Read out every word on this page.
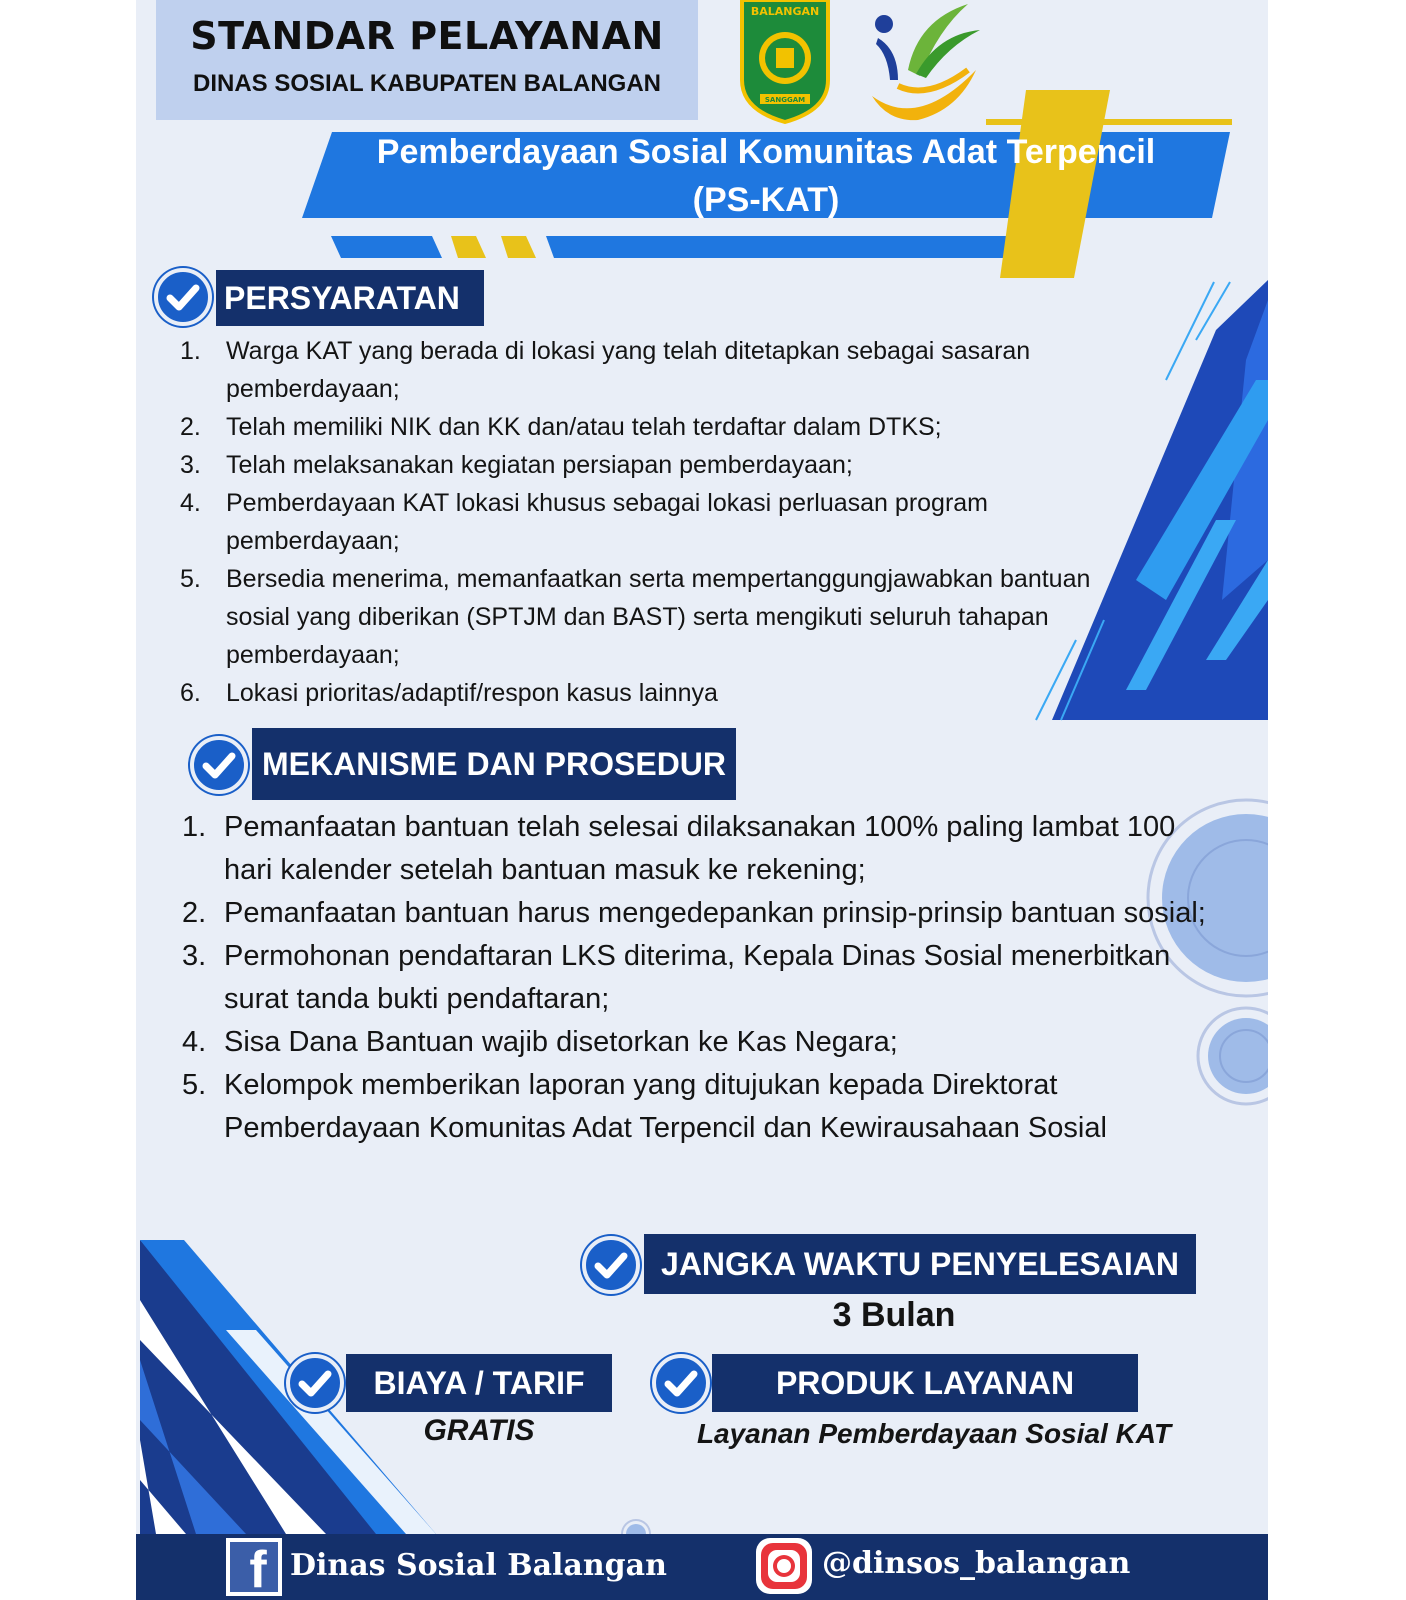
STANDAR PELAYANAN
DINAS SOSIAL KABUPATEN BALANGAN
BALANGAN
SANGGAM
Pemberdayaan Sosial Komunitas Adat Terpencil
(PS-KAT)
PERSYARATAN
1. Warga KAT yang berada di lokasi yang telah ditetapkan sebagai sasaran pemberdayaan;
2. Telah memiliki NIK dan KK dan/atau telah terdaftar dalam DTKS;
3. Telah melaksanakan kegiatan persiapan pemberdayaan;
4. Pemberdayaan KAT lokasi khusus sebagai lokasi perluasan program pemberdayaan;
5. Bersedia menerima, memanfaatkan serta mempertanggungjawabkan bantuan sosial yang diberikan (SPTJM dan BAST) serta mengikuti seluruh tahapan pemberdayaan;
6. Lokasi prioritas/adaptif/respon kasus lainnya
MEKANISME DAN PROSEDUR
1. Pemanfaatan bantuan telah selesai dilaksanakan 100% paling lambat 100 hari kalender setelah bantuan masuk ke rekening;
2. Pemanfaatan bantuan harus mengedepankan prinsip-prinsip bantuan sosial;
3. Permohonan pendaftaran LKS diterima, Kepala Dinas Sosial menerbitkan surat tanda bukti pendaftaran;
4. Sisa Dana Bantuan wajib disetorkan ke Kas Negara;
5. Kelompok memberikan laporan yang ditujukan kepada Direktorat Pemberdayaan Komunitas Adat Terpencil dan Kewirausahaan Sosial
JANGKA WAKTU PENYELESAIAN
3 Bulan
BIAYA / TARIF
GRATIS
PRODUK LAYANAN
Layanan Pemberdayaan Sosial KAT
f Dinas Sosial Balangan	@dinsos_balangan
